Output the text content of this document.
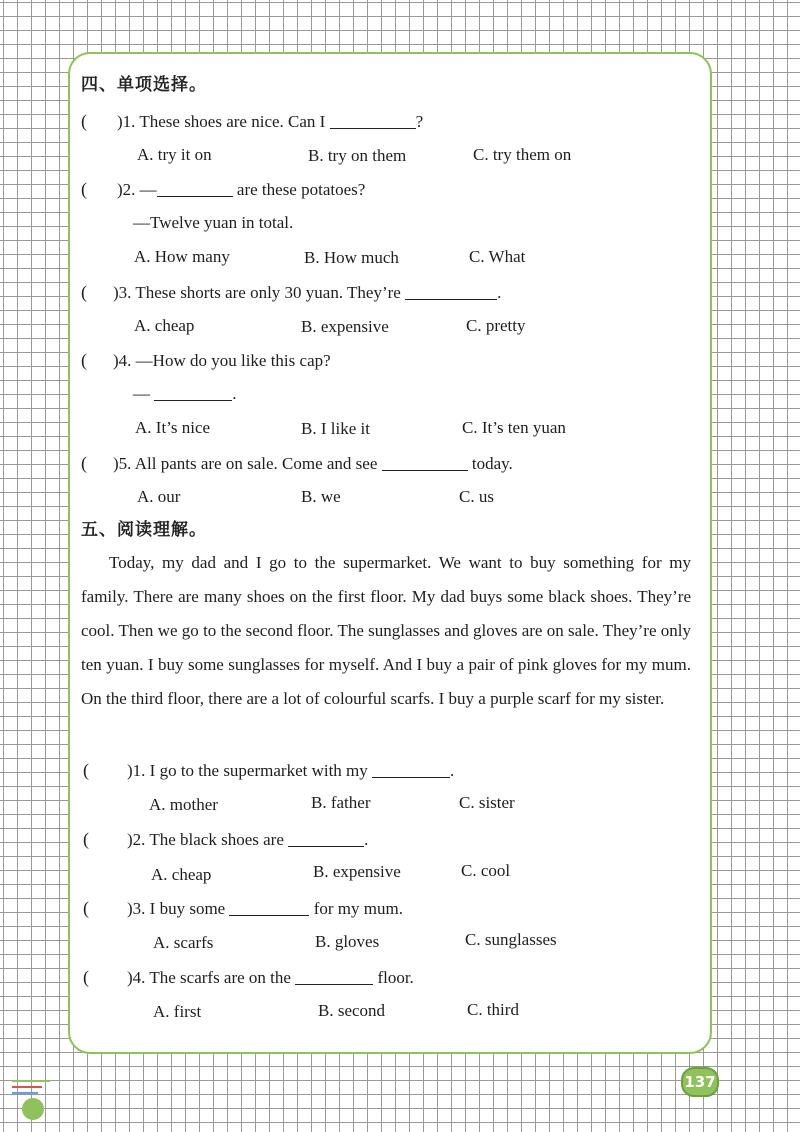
四、单项选择。
( )1. These shoes are nice. Can I	?
A. try it on	B. try on them	C. try them on
( )2. —	are these potatoes?
—Twelve yuan in total.
A. How many	B. How much	C. What
( )3. These shorts are only 30 yuan. They’re	.
A. cheap	B. expensive	C. pretty
( )4. —How do you like this cap?
—	.
A. It’s nice	B. I like it	C. It’s ten yuan
( )5. All pants are on sale. Come and see	today.
A. our	B. we	C. us
五、阅读理解。
Today, my dad and I go to the supermarket. We want to buy something for my family. There are many shoes on the first floor. My dad buys some black shoes. They’re cool. Then we go to the second floor. The sunglasses and gloves are on sale. They’re only ten yuan. I buy some sunglasses for myself. And I buy a pair of pink gloves for my mum. On the third floor, there are a lot of colourful scarfs. I buy a purple scarf for my sister.
( )1. I go to the supermarket with my	.
A. mother	B. father	C. sister
( )2. The black shoes are	.
A. cheap	B. expensive	C. cool
( )3. I buy some	for my mum.
A. scarfs	B. gloves	C. sunglasses
( )4. The scarfs are on the	floor.
A. first	B. second	C. third
137
